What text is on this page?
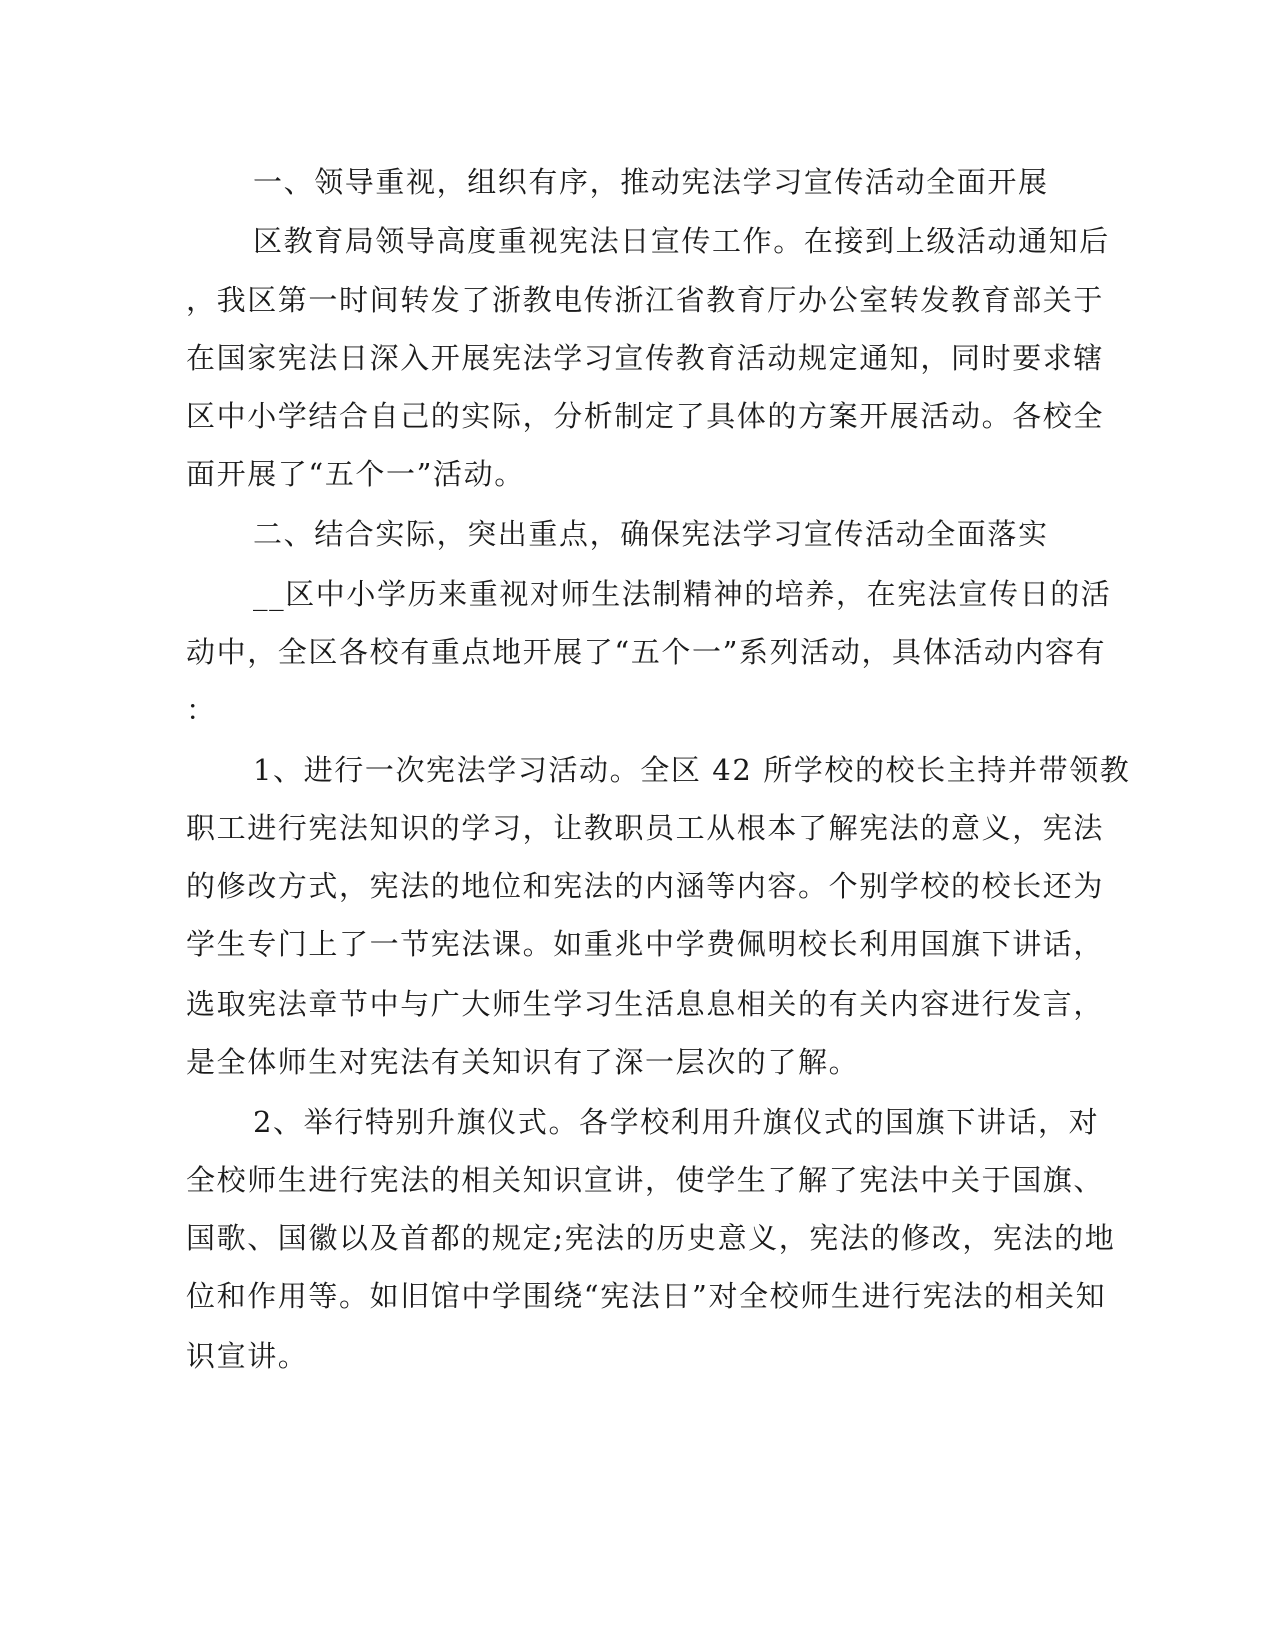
一、领导重视，组织有序，推动宪法学习宣传活动全面开展
区教育局领导高度重视宪法日宣传工作。在接到上级活动通知后
，我区第一时间转发了浙教电传浙江省教育厅办公室转发教育部关于
在国家宪法日深入开展宪法学习宣传教育活动规定通知，同时要求辖
区中小学结合自己的实际，分析制定了具体的方案开展活动。各校全
面开展了“五个一”活动。
二、结合实际，突出重点，确保宪法学习宣传活动全面落实
__区中小学历来重视对师生法制精神的培养，在宪法宣传日的活
动中，全区各校有重点地开展了“五个一”系列活动，具体活动内容有
：
1、进行一次宪法学习活动。全区 42 所学校的校长主持并带领教
职工进行宪法知识的学习，让教职员工从根本了解宪法的意义，宪法
的修改方式，宪法的地位和宪法的内涵等内容。个别学校的校长还为
学生专门上了一节宪法课。如重兆中学费佩明校长利用国旗下讲话，
选取宪法章节中与广大师生学习生活息息相关的有关内容进行发言，
是全体师生对宪法有关知识有了深一层次的了解。
2、举行特别升旗仪式。各学校利用升旗仪式的国旗下讲话，对
全校师生进行宪法的相关知识宣讲，使学生了解了宪法中关于国旗、
国歌、国徽以及首都的规定;宪法的历史意义，宪法的修改，宪法的地
位和作用等。如旧馆中学围绕“宪法日”对全校师生进行宪法的相关知
识宣讲。
